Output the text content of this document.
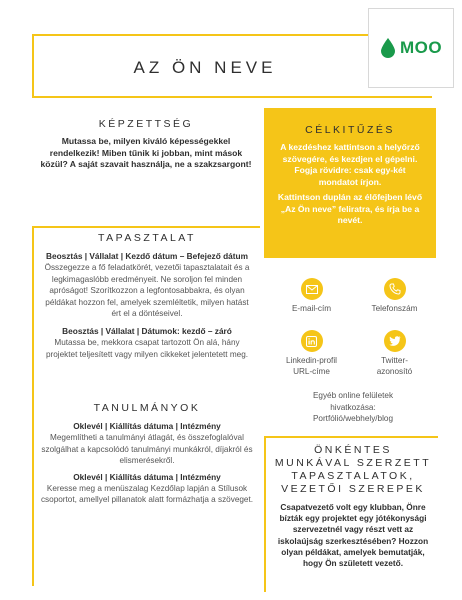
AZ ÖN NEVE
MOO
KÉPZETTSÉG
Mutassa be, milyen kiváló képességekkel rendelkezik! Miben tűnik ki jobban, mint mások közül? A saját szavait használja, ne a szakzsargont!
CÉLKITŰZÉS
A kezdéshez kattintson a helyőrző szövegére, és kezdjen el gépelni. Fogja rövidre: csak egy-két mondatot írjon.
Kattintson duplán az élőfejben lévő „Az Ön neve” feliratra, és írja be a nevét.
TAPASZTALAT
Beosztás | Vállalat | Kezdő dátum – Befejező dátum
Összegezze a fő feladatkörét, vezetői tapasztalatait és a legkimagaslóbb eredményeit. Ne soroljon fel minden apróságot! Szorítkozzon a legfontosabbakra, és olyan példákat hozzon fel, amelyek szemléltetik, milyen hatást ért el a döntéseivel.
Beosztás | Vállalat | Dátumok: kezdő – záró
Mutassa be, mekkora csapat tartozott Ön alá, hány projektet teljesített vagy milyen cikkeket jelentetett meg.
TANULMÁNYOK
Oklevél | Kiállítás dátuma | Intézmény
Megemlítheti a tanulmányi átlagát, és összefoglalóval szolgálhat a kapcsolódó tanulmányi munkákról, díjakról és elismerésekről.
Oklevél | Kiállítás dátuma | Intézmény
Keresse meg a menüszalag Kezdőlap lapján a Stílusok csoportot, amellyel pillanatok alatt formázhatja a szöveget.
E-mail-cím	Telefonszám
Linkedin-profil
URL-címe
Twitter-
azonosító
Egyéb online felületek
hivatkozása:
Portfólió/webhely/blog
ÖNKÉNTES
MUNKÁVAL SZERZETT
TAPASZTALATOK,
VEZETŐI SZEREPEK
Csapatvezető volt egy klubban, Önre bízták egy projektet egy jótékonysági szervezetnél vagy részt vett az iskolaújság szerkesztésében? Hozzon olyan példákat, amelyek bemutatják, hogy Ön született vezető.
